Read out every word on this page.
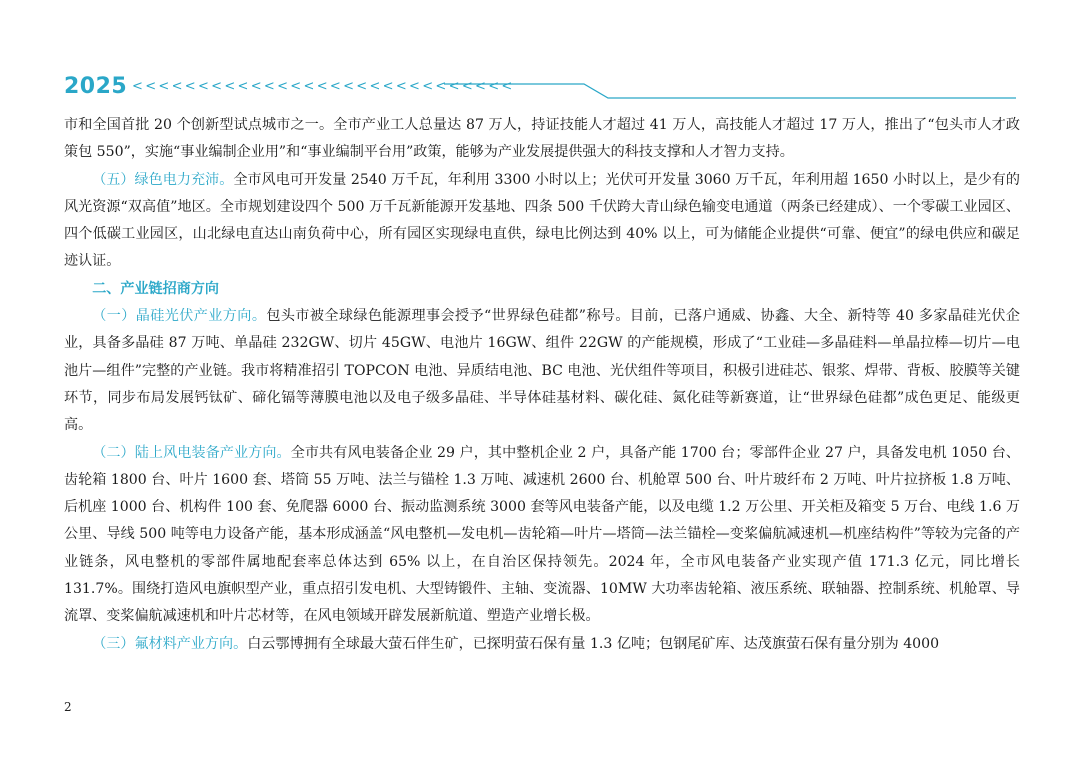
2025 <<<<<<<<<<<<<<<<<<<<<<<<<<<<<

市和全国首批 20 个创新型试点城市之一。全市产业工人总量达 87 万人，持证技能人才超过 41 万人，高技能人才超过 17 万人，推出了“包头市人才政策包 550”，实施“事业编制企业用”和“事业编制平台用”政策，能够为产业发展提供强大的科技支撑和人才智力支持。

（五）绿色电力充沛。全市风电可开发量 2540 万千瓦，年利用 3300 小时以上；光伏可开发量 3060 万千瓦，年利用超 1650 小时以上，是少有的风光资源“双高值”地区。全市规划建设四个 500 万千瓦新能源开发基地、四条 500 千伏跨大青山绿色输变电通道（两条已经建成）、一个零碳工业园区、四个低碳工业园区，山北绿电直达山南负荷中心，所有园区实现绿电直供，绿电比例达到 40% 以上，可为储能企业提供“可靠、便宜”的绿电供应和碳足迹认证。

二、产业链招商方向

（一）晶硅光伏产业方向。包头市被全球绿色能源理事会授予“世界绿色硅都”称号。目前，已落户通威、协鑫、大全、新特等 40 多家晶硅光伏企业，具备多晶硅 87 万吨、单晶硅 232GW、切片 45GW、电池片 16GW、组件 22GW 的产能规模，形成了“工业硅—多晶硅料—单晶拉棒—切片—电池片—组件”完整的产业链。我市将精准招引 TOPCON 电池、异质结电池、BC 电池、光伏组件等项目，积极引进硅芯、银浆、焊带、背板、胶膜等关键环节，同步布局发展钙钛矿、碲化镉等薄膜电池以及电子级多晶硅、半导体硅基材料、碳化硅、氮化硅等新赛道，让“世界绿色硅都”成色更足、能级更高。

（二）陆上风电装备产业方向。全市共有风电装备企业 29 户，其中整机企业 2 户，具备产能 1700 台；零部件企业 27 户，具备发电机 1050 台、齿轮箱 1800 台、叶片 1600 套、塔筒 55 万吨、法兰与锚栓 1.3 万吨、减速机 2600 台、机舱罩 500 台、叶片玻纤布 2 万吨、叶片拉挤板 1.8 万吨、后机座 1000 台、机构件 100 套、免爬器 6000 台、振动监测系统 3000 套等风电装备产能，以及电缆 1.2 万公里、开关柜及箱变 5 万台、电线 1.6 万公里、导线 500 吨等电力设备产能，基本形成涵盖“风电整机—发电机—齿轮箱—叶片—塔筒—法兰锚栓—变桨偏航减速机—机座结构件”等较为完备的产业链条，风电整机的零部件属地配套率总体达到 65% 以上，在自治区保持领先。2024 年，全市风电装备产业实现产值 171.3 亿元，同比增长 131.7%。围绕打造风电旗帜型产业，重点招引发电机、大型铸锻件、主轴、变流器、10MW 大功率齿轮箱、液压系统、联轴器、控制系统、机舱罩、导流罩、变桨偏航减速机和叶片芯材等，在风电领域开辟发展新航道、塑造产业增长极。

（三）氟材料产业方向。白云鄂博拥有全球最大萤石伴生矿，已探明萤石保有量 1.3 亿吨；包钢尾矿库、达茂旗萤石保有量分别为 4000

2
